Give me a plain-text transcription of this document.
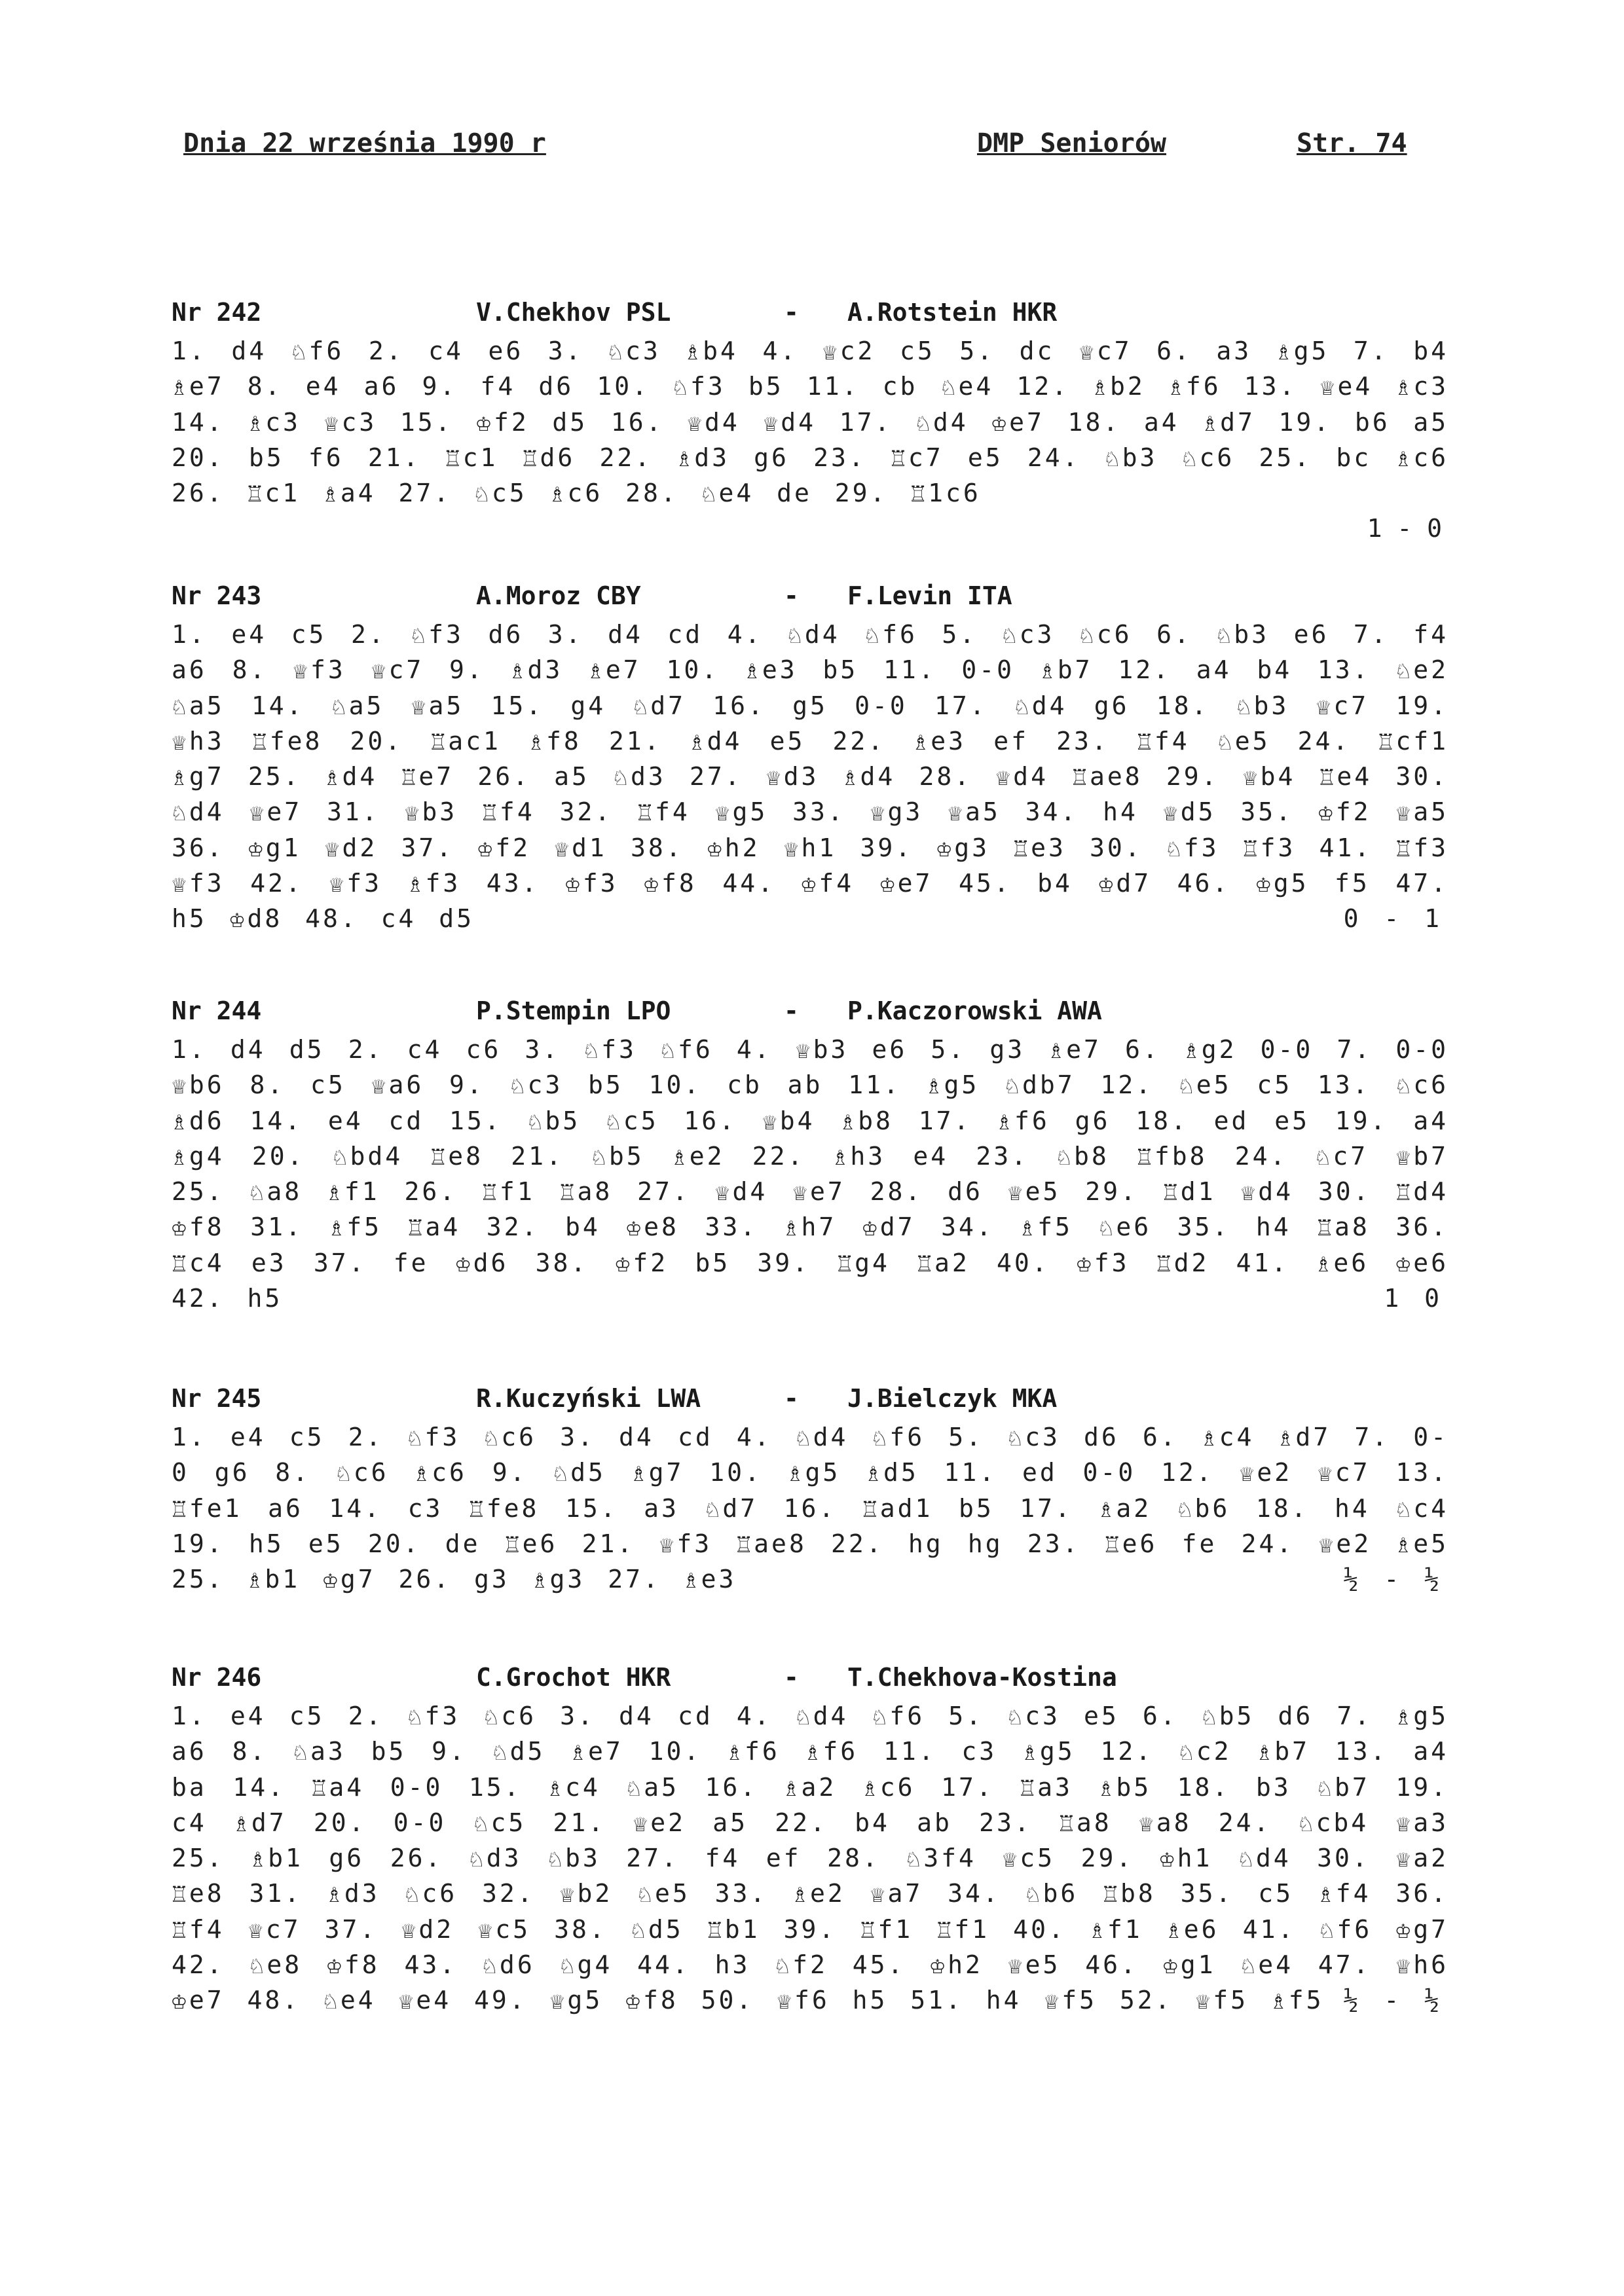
Dnia 22 września 1990 r	DMP Seniorów	Str. 74
Nr 242	V.Chekhov PSL	- A.Rotstein HKR
1. d4 ♘f6 2. c4 e6 3. ♘c3 ♗b4 4. ♕c2 c5 5. dc ♕c7 6. a3 ♗g5 7. b4 ♗e7 8. e4 a6 9. f4 d6 10. ♘f3 b5 11. cb ♘e4 12. ♗b2 ♗f6 13. ♕e4 ♗c3 14. ♗c3 ♕c3 15. ♔f2 d5 16. ♕d4 ♕d4 17. ♘d4 ♔e7 18. a4 ♗d7 19. b6 a5 20. b5 f6 21. ♖c1 ♖d6 22. ♗d3 g6 23. ♖c7 e5 24. ♘b3 ♘c6 25. bc ♗c6 26. ♖c1 ♗a4 27. ♘c5 ♗c6 28. ♘e4 de 29. ♖1c6
1 - 0
Nr 243	A.Moroz CBY	- F.Levin ITA
0 - 1
1. e4 c5 2. ♘f3 d6 3. d4 cd 4. ♘d4 ♘f6 5. ♘c3 ♘c6 6. ♘b3 e6 7. f4 a6 8. ♕f3 ♕c7 9. ♗d3 ♗e7 10. ♗e3 b5 11. 0-0 ♗b7 12. a4 b4 13. ♘e2 ♘a5 14. ♘a5 ♕a5 15. g4 ♘d7 16. g5 0-0 17. ♘d4 g6 18. ♘b3 ♕c7 19. ♕h3 ♖fe8 20. ♖ac1 ♗f8 21. ♗d4 e5 22. ♗e3 ef 23. ♖f4 ♘e5 24. ♖cf1 ♗g7 25. ♗d4 ♖e7 26. a5 ♘d3 27. ♕d3 ♗d4 28. ♕d4 ♖ae8 29. ♕b4 ♖e4 30. ♘d4 ♕e7 31. ♕b3 ♖f4 32. ♖f4 ♕g5 33. ♕g3 ♕a5 34. h4 ♕d5 35. ♔f2 ♕a5 36. ♔g1 ♕d2 37. ♔f2 ♕d1 38. ♔h2 ♕h1 39. ♔g3 ♖e3 30. ♘f3 ♖f3 41. ♖f3 ♕f3 42. ♕f3 ♗f3 43. ♔f3 ♔f8 44. ♔f4 ♔e7 45. b4 ♔d7 46. ♔g5 f5 47. h5 ♔d8 48. c4 d5
Nr 244	P.Stempin LPO	- P.Kaczorowski AWA
1. d4 d5 2. c4 c6 3. ♘f3 ♘f6 4. ♕b3 e6 5. g3 ♗e7 6. ♗g2 0-0 7. 0-0 ♕b6 8. c5 ♕a6 9. ♘c3 b5 10. cb ab 11. ♗g5 ♘db7 12. ♘e5 c5 13. ♘c6 ♗d6 14. e4 cd 15. ♘b5 ♘c5 16. ♕b4 ♗b8 17. ♗f6 g6 18. ed e5 19. a4 ♗g4 20. ♘bd4 ♖e8 21. ♘b5 ♗e2 22. ♗h3 e4 23. ♘b8 ♖fb8 24. ♘c7 ♕b7 25. ♘a8 ♗f1 26. ♖f1 ♖a8 27. ♕d4 ♕e7 28. d6 ♕e5 29. ♖d1 ♕d4 30. ♖d4 ♔f8 31. ♗f5 ♖a4 32. b4 ♔e8 33. ♗h7 ♔d7 34. ♗f5 ♘e6 35. h4 ♖a8 36. ♖c4 e3 37. fe ♔d6 38. ♔f2 b5 39. ♖g4 ♖a2 40. ♔f3 ♖d2 41. ♗e6 ♔e6 42. h5	1 0
Nr 245	R.Kuczyński LWA	- J.Bielczyk MKA
1. e4 c5 2. ♘f3 ♘c6 3. d4 cd 4. ♘d4 ♘f6 5. ♘c3 d6 6. ♗c4 ♗d7 7. 0-0 g6 8. ♘c6 ♗c6 9. ♘d5 ♗g7 10. ♗g5 ♗d5 11. ed 0-0 12. ♕e2 ♕c7 13. ♖fe1 a6 14. c3 ♖fe8 15. a3 ♘d7 16. ♖ad1 b5 17. ♗a2 ♘b6 18. h4 ♘c4 19. h5 e5 20. de ♖e6 21. ♕f3 ♖ae8 22. hg hg 23. ♖e6 fe 24. ♕e2 ♗e5 25. ♗b1 ♔g7 26. g3 ♗g3 27. ♗e3	½ - ½
Nr 246	C.Grochot HKR	- T.Chekhova-Kostina
1. e4 c5 2. ♘f3 ♘c6 3. d4 cd 4. ♘d4 ♘f6 5. ♘c3 e5 6. ♘b5 d6 7. ♗g5 a6 8. ♘a3 b5 9. ♘d5 ♗e7 10. ♗f6 ♗f6 11. c3 ♗g5 12. ♘c2 ♗b7 13. a4 ba 14. ♖a4 0-0 15. ♗c4 ♘a5 16. ♗a2 ♗c6 17. ♖a3 ♗b5 18. b3 ♘b7 19. c4 ♗d7 20. 0-0 ♘c5 21. ♕e2 a5 22. b4 ab 23. ♖a8 ♕a8 24. ♘cb4 ♕a3 25. ♗b1 g6 26. ♘d3 ♘b3 27. f4 ef 28. ♘3f4 ♕c5 29. ♔h1 ♘d4 30. ♕a2 ♖e8 31. ♗d3 ♘c6 32. ♕b2 ♘e5 33. ♗e2 ♕a7 34. ♘b6 ♖b8 35. c5 ♗f4 36. ♖f4 ♕c7 37. ♕d2 ♕c5 38. ♘d5 ♖b1 39. ♖f1 ♖f1 40. ♗f1 ♗e6 41. ♘f6 ♔g7 42. ♘e8 ♔f8 43. ♘d6 ♘g4 44. h3 ♘f2 45. ♔h2 ♕e5 46. ♔g1 ♘e4 47. ♕h6 ♔e7 48. ♘e4 ♕e4 49. ♕g5 ♔f8 50. ♕f6 h5 51. h4 ♕f5 52. ♕f5 ♗f5 ½ - ½
